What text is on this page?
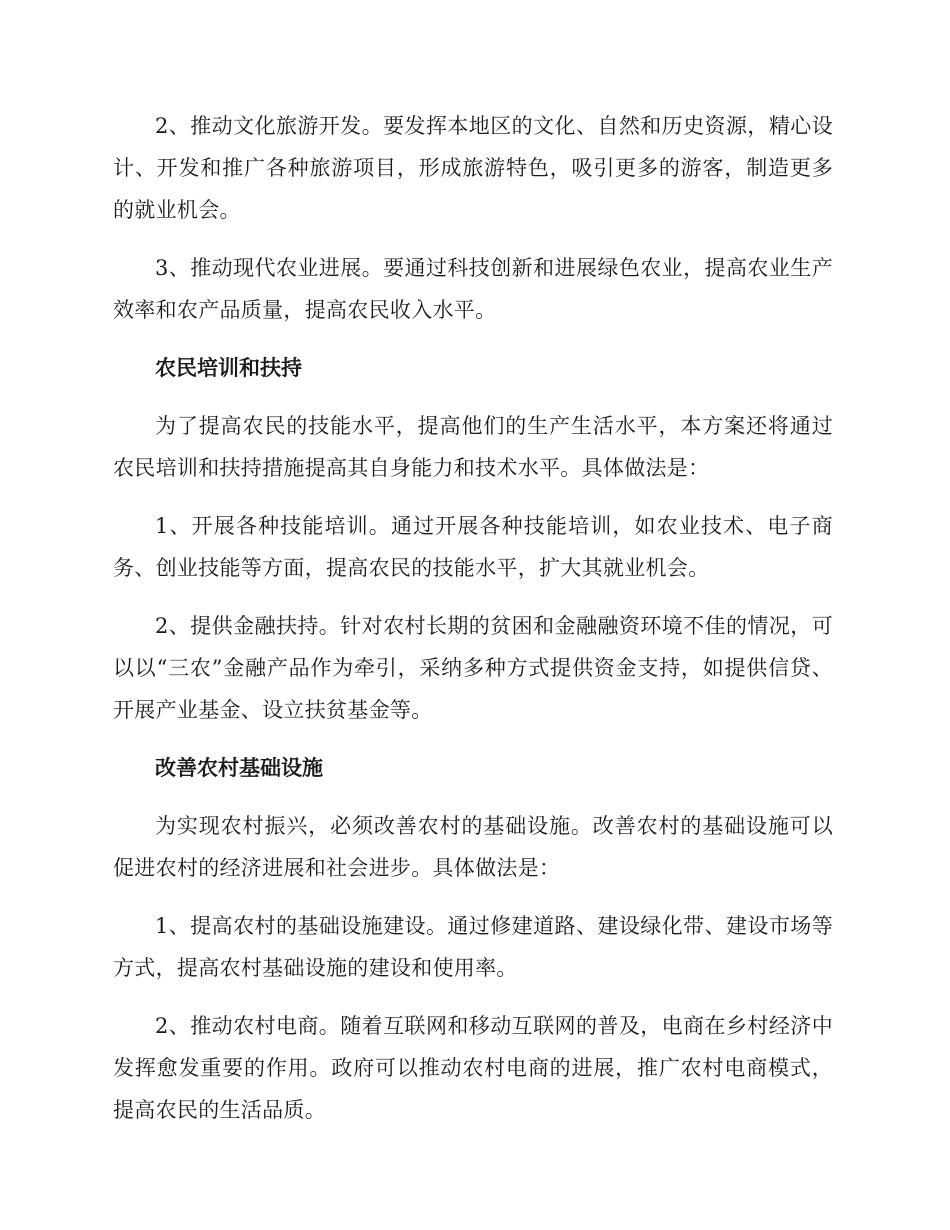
2、推动文化旅游开发。要发挥本地区的文化、自然和历史资源，精心设计、开发和推广各种旅游项目，形成旅游特色，吸引更多的游客，制造更多的就业机会。

3、推动现代农业进展。要通过科技创新和进展绿色农业，提高农业生产效率和农产品质量，提高农民收入水平。

农民培训和扶持

为了提高农民的技能水平，提高他们的生产生活水平，本方案还将通过农民培训和扶持措施提高其自身能力和技术水平。具体做法是：

1、开展各种技能培训。通过开展各种技能培训，如农业技术、电子商务、创业技能等方面，提高农民的技能水平，扩大其就业机会。

2、提供金融扶持。针对农村长期的贫困和金融融资环境不佳的情况，可以以“三农”金融产品作为牵引，采纳多种方式提供资金支持，如提供信贷、开展产业基金、设立扶贫基金等。

改善农村基础设施

为实现农村振兴，必须改善农村的基础设施。改善农村的基础设施可以促进农村的经济进展和社会进步。具体做法是：

1、提高农村的基础设施建设。通过修建道路、建设绿化带、建设市场等方式，提高农村基础设施的建设和使用率。

2、推动农村电商。随着互联网和移动互联网的普及，电商在乡村经济中发挥愈发重要的作用。政府可以推动农村电商的进展，推广农村电商模式，提高农民的生活品质。
